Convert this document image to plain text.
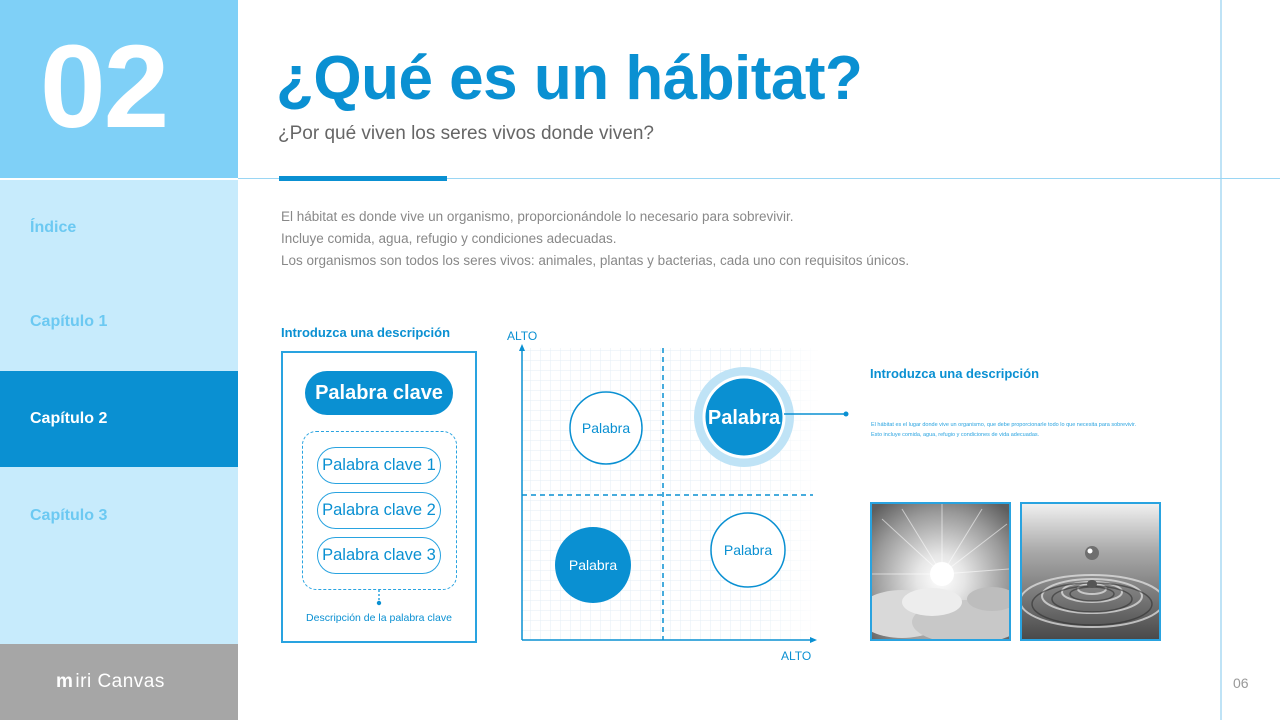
02
Índice
Capítulo 1
Capítulo 2
Capítulo 3
m iri Canvas
¿Qué es un hábitat?
¿Por qué viven los seres vivos donde viven?
El hábitat es donde vive un organismo, proporcionándole lo necesario para sobrevivir.
Incluye comida, agua, refugio y condiciones adecuadas.
Los organismos son todos los seres vivos: animales, plantas y bacterias, cada uno con requisitos únicos.
Introduzca una descripción
Palabra clave
Palabra clave 1
Palabra clave 2
Palabra clave 3
Descripción de la palabra clave
ALTO
ALTO
Palabra	Palabra
Palabra
Palabra
Introduzca una descripción
El hábitat es el lugar donde vive un organismo, que debe proporcionarle todo lo que necesita para sobrevivir.
Esto incluye comida, agua, refugio y condiciones de vida adecuadas.
06
